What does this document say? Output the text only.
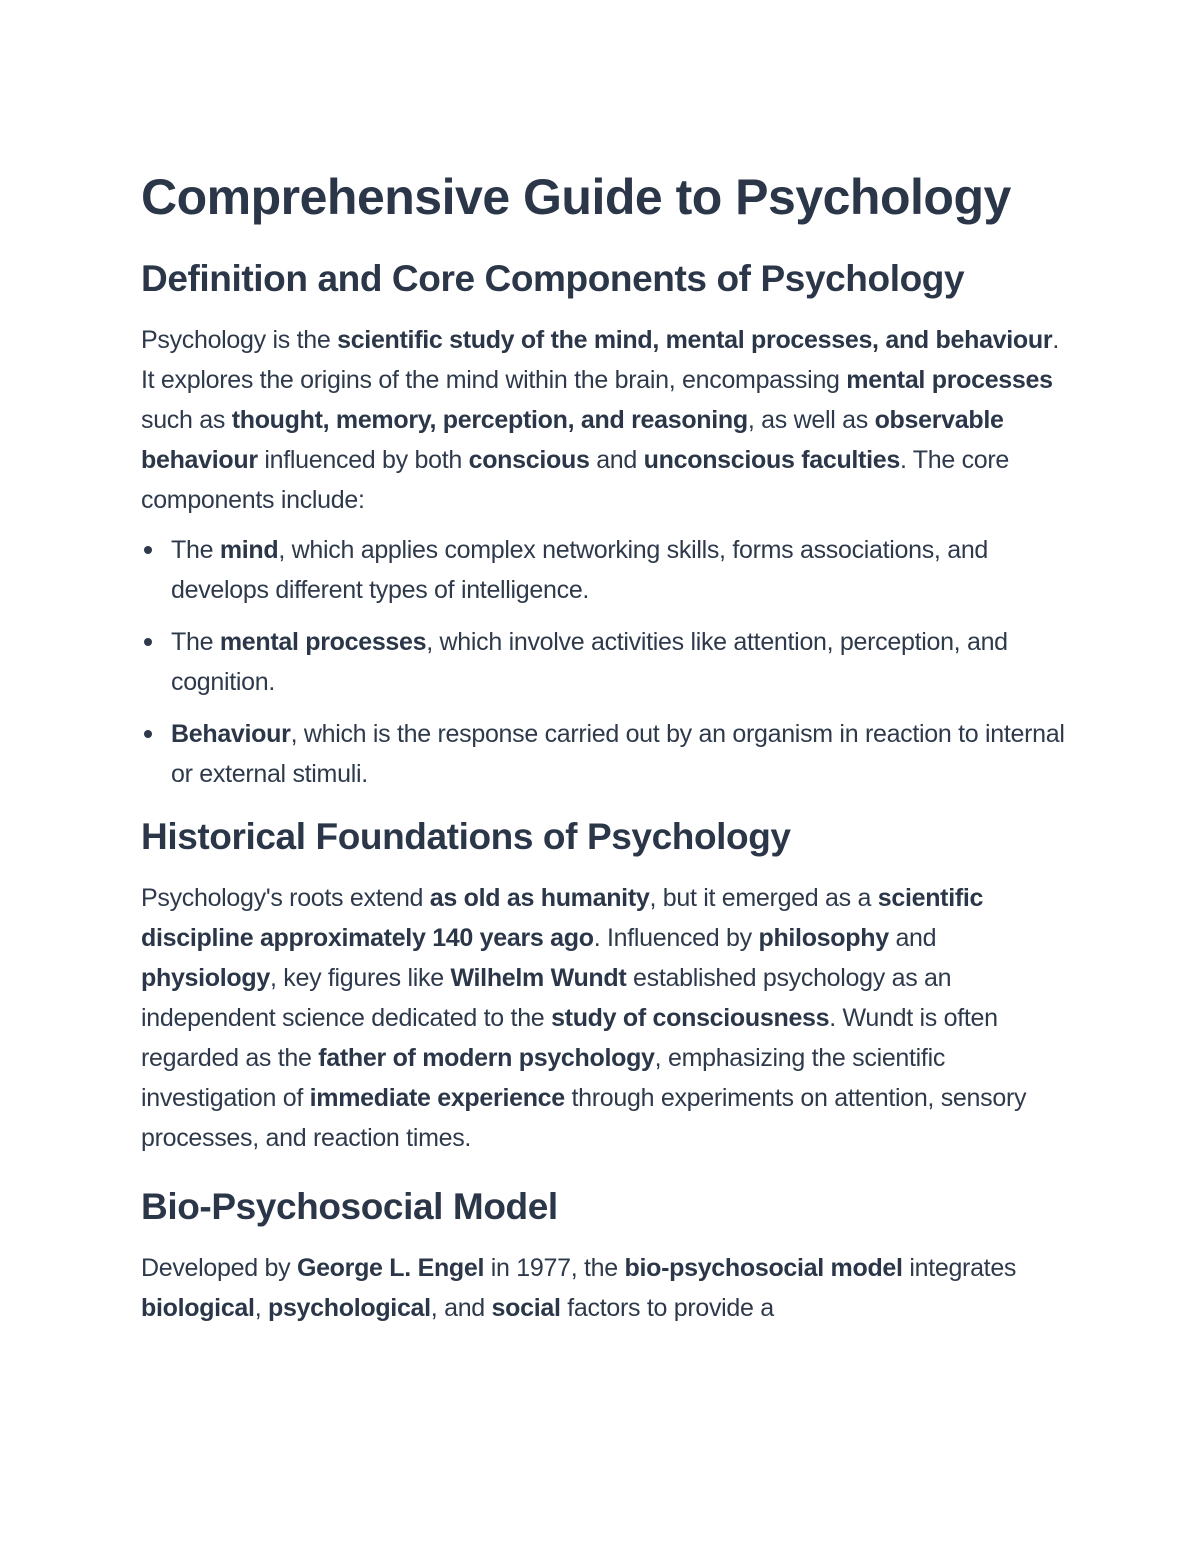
Comprehensive Guide to Psychology
Definition and Core Components of Psychology

Psychology is the scientific study of the mind, mental processes, and behaviour. It explores the origins of the mind within the brain, encompassing mental processes such as thought, memory, perception, and reasoning, as well as observable behaviour influenced by both conscious and unconscious faculties. The core components include:

The mind, which applies complex networking skills, forms associations, and develops different types of intelligence.
The mental processes, which involve activities like attention, perception, and cognition.
Behaviour, which is the response carried out by an organism in reaction to internal or external stimuli.
Historical Foundations of Psychology

Psychology's roots extend as old as humanity, but it emerged as a scientific discipline approximately 140 years ago. Influenced by philosophy and physiology, key figures like Wilhelm Wundt established psychology as an independent science dedicated to the study of consciousness. Wundt is often regarded as the father of modern psychology, emphasizing the scientific investigation of immediate experience through experiments on attention, sensory processes, and reaction times.

Bio-Psychosocial Model

Developed by George L. Engel in 1977, the bio-psychosocial model integrates biological, psychological, and social factors to provide a
